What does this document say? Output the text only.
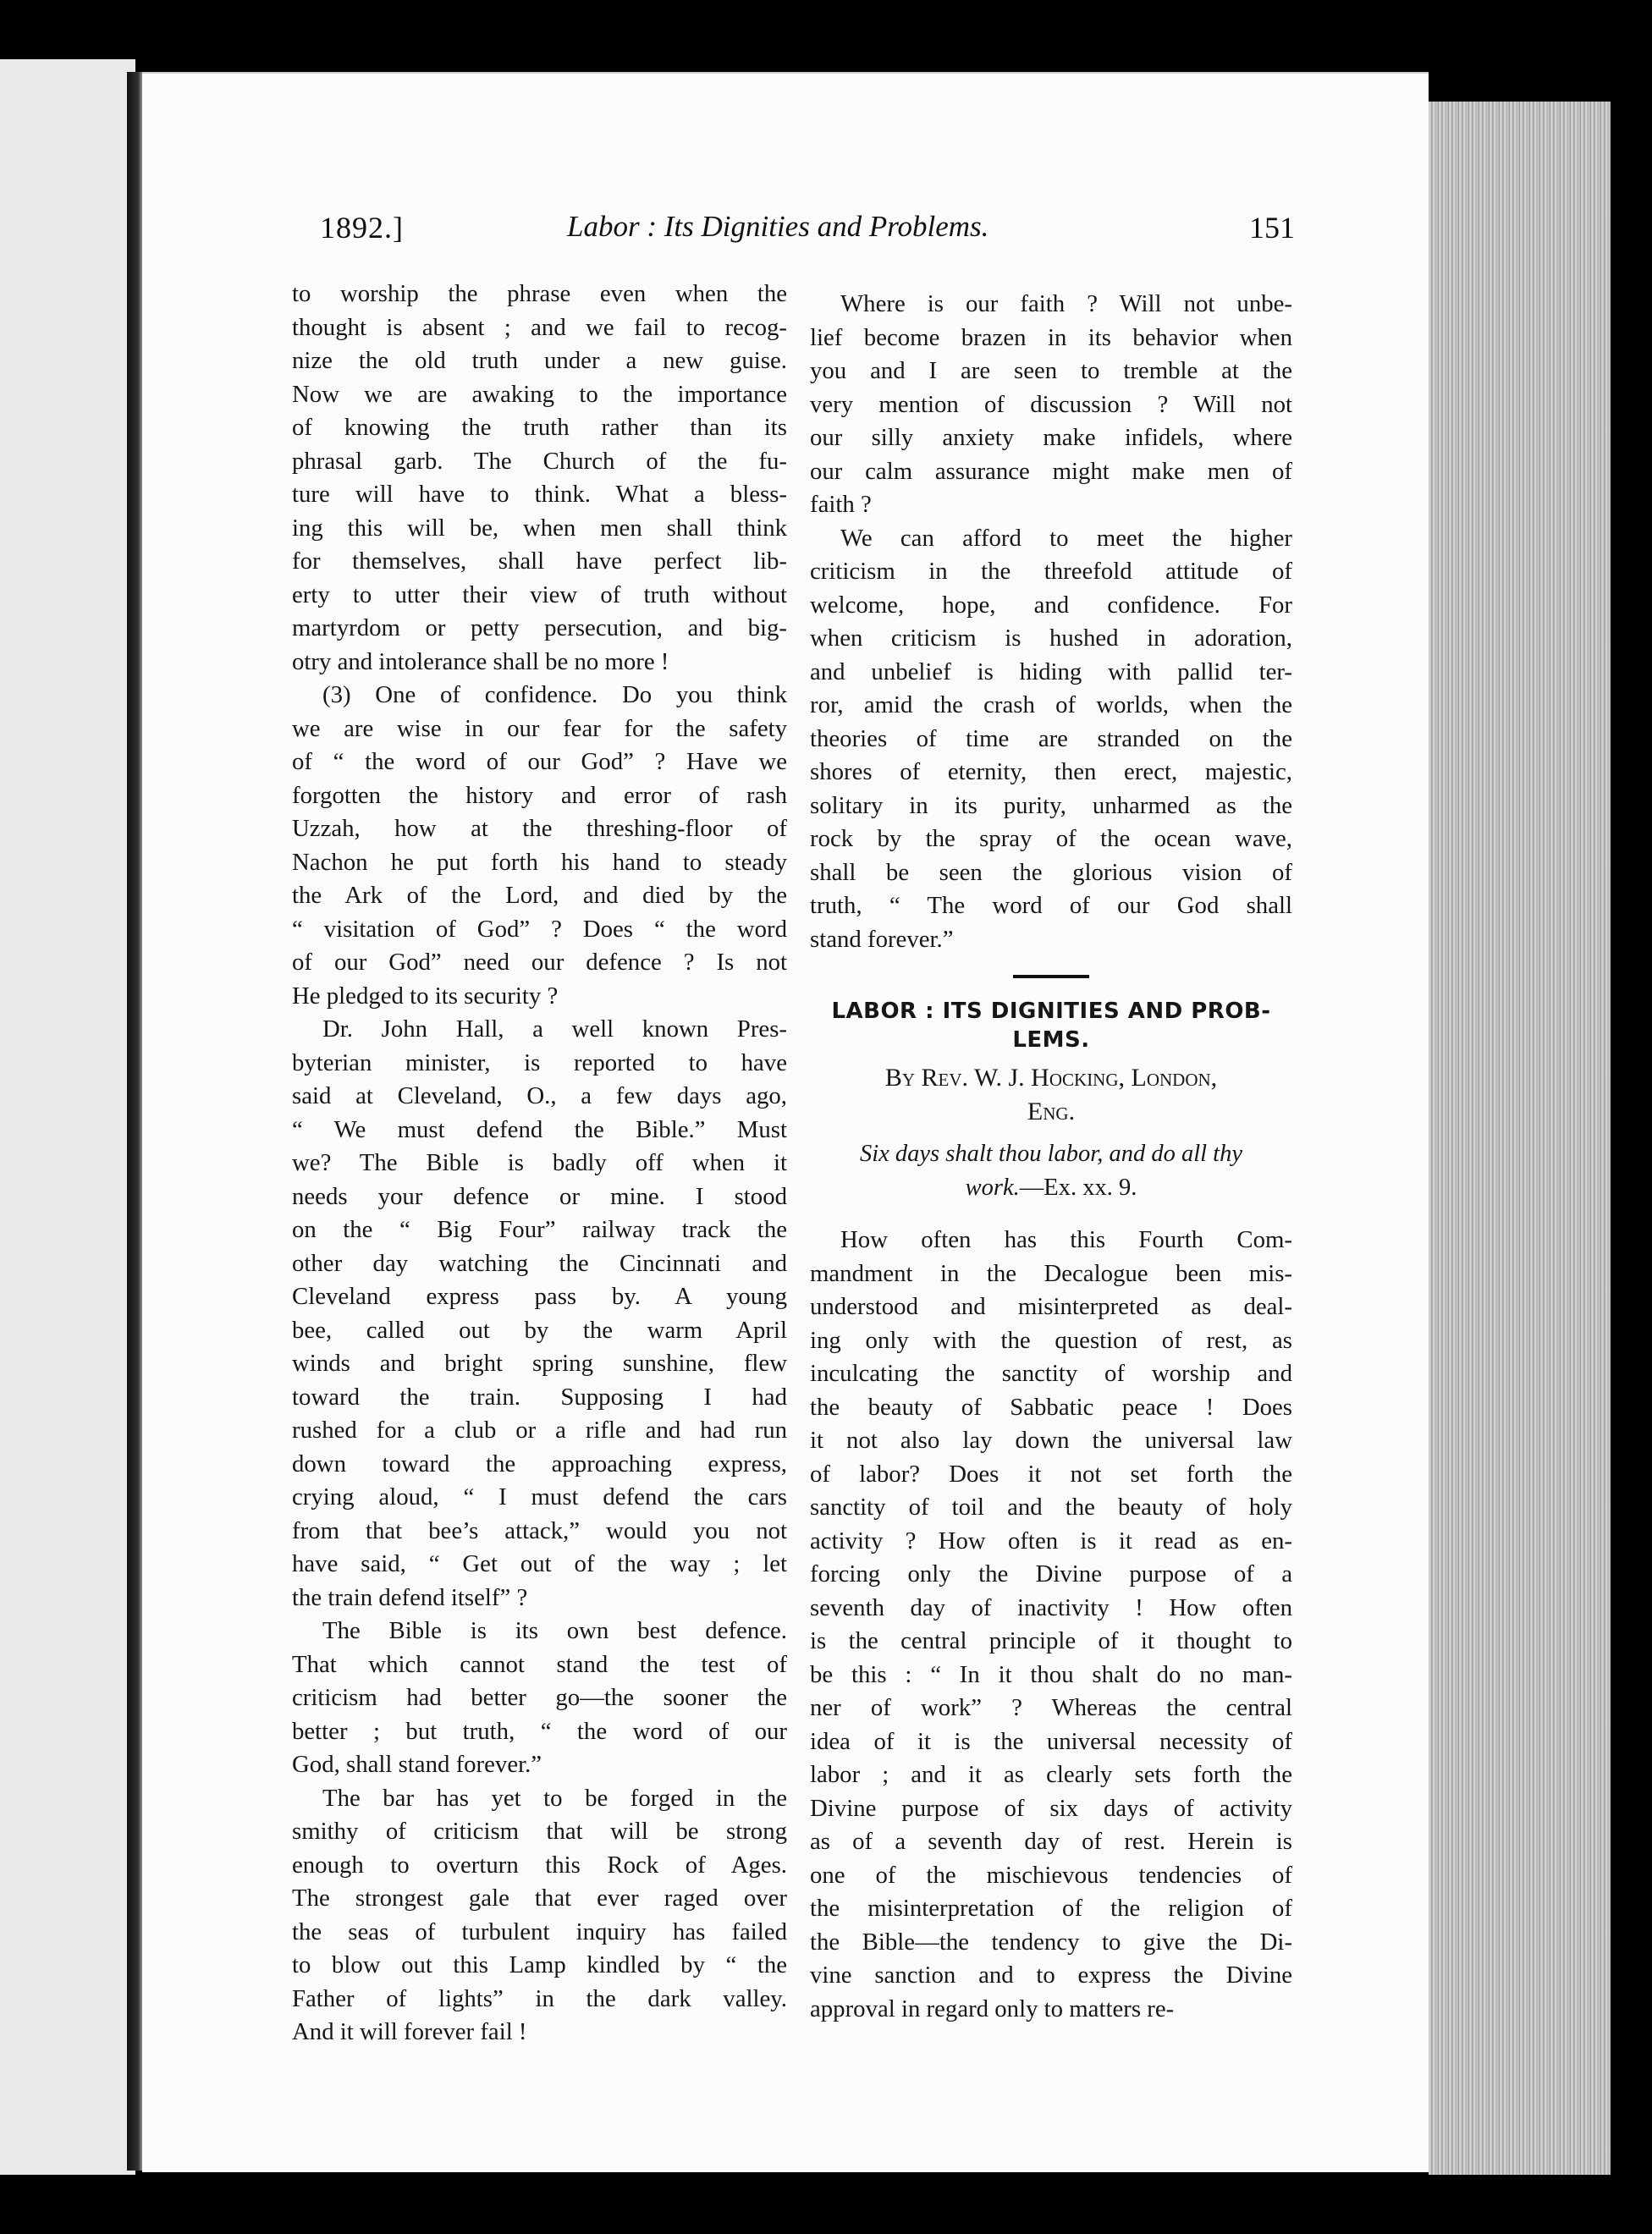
1892.]	Labor : Its Dignities and Problems.	151

to worship the phrase even when the
thought is absent ; and we fail to recog-
nize the old truth under a new guise.
Now we are awaking to the importance
of knowing the truth rather than its
phrasal garb. The Church of the fu-
ture will have to think. What a bless-
ing this will be, when men shall think
for themselves, shall have perfect lib-
erty to utter their view of truth without
martyrdom or petty persecution, and big-
otry and intolerance shall be no more !

(3) One of confidence. Do you think
we are wise in our fear for the safety
of “ the word of our God” ? Have we
forgotten the history and error of rash
Uzzah, how at the threshing-floor of
Nachon he put forth his hand to steady
the Ark of the Lord, and died by the
“ visitation of God” ? Does “ the word
of our God” need our defence ? Is not
He pledged to its security ?

Dr. John Hall, a well known Pres-
byterian minister, is reported to have
said at Cleveland, O., a few days ago,
“ We must defend the Bible.” Must
we? The Bible is badly off when it
needs your defence or mine. I stood
on the “ Big Four” railway track the
other day watching the Cincinnati and
Cleveland express pass by. A young
bee, called out by the warm April
winds and bright spring sunshine, flew
toward the train. Supposing I had
rushed for a club or a rifle and had run
down toward the approaching express,
crying aloud, “ I must defend the cars
from that bee’s attack,” would you not
have said, “ Get out of the way ; let
the train defend itself” ?

The Bible is its own best defence.
That which cannot stand the test of
criticism had better go—the sooner the
better ; but truth, “ the word of our
God, shall stand forever.”

The bar has yet to be forged in the
smithy of criticism that will be strong
enough to overturn this Rock of Ages.
The strongest gale that ever raged over
the seas of turbulent inquiry has failed
to blow out this Lamp kindled by “ the
Father of lights” in the dark valley.
And it will forever fail !

Where is our faith ? Will not unbe-
lief become brazen in its behavior when
you and I are seen to tremble at the
very mention of discussion ? Will not
our silly anxiety make infidels, where
our calm assurance might make men of
faith ?

We can afford to meet the higher
criticism in the threefold attitude of
welcome, hope, and confidence. For
when criticism is hushed in adoration,
and unbelief is hiding with pallid ter-
ror, amid the crash of worlds, when the
theories of time are stranded on the
shores of eternity, then erect, majestic,
solitary in its purity, unharmed as the
rock by the spray of the ocean wave,
shall be seen the glorious vision of
truth, “ The word of our God shall
stand forever.”

LABOR : ITS DIGNITIES AND PROB-
LEMS.
By Rev. W. J. Hocking, London,
Eng.
Six days shalt thou labor, and do all thy
work.—Ex. xx. 9.

How often has this Fourth Com-
mandment in the Decalogue been mis-
understood and misinterpreted as deal-
ing only with the question of rest, as
inculcating the sanctity of worship and
the beauty of Sabbatic peace ! Does
it not also lay down the universal law
of labor? Does it not set forth the
sanctity of toil and the beauty of holy
activity ? How often is it read as en-
forcing only the Divine purpose of a
seventh day of inactivity ! How often
is the central principle of it thought to
be this : “ In it thou shalt do no man-
ner of work” ? Whereas the central
idea of it is the universal necessity of
labor ; and it as clearly sets forth the
Divine purpose of six days of activity
as of a seventh day of rest. Herein is
one of the mischievous tendencies of
the misinterpretation of the religion of
the Bible—the tendency to give the Di-
vine sanction and to express the Divine
approval in regard only to matters re-
